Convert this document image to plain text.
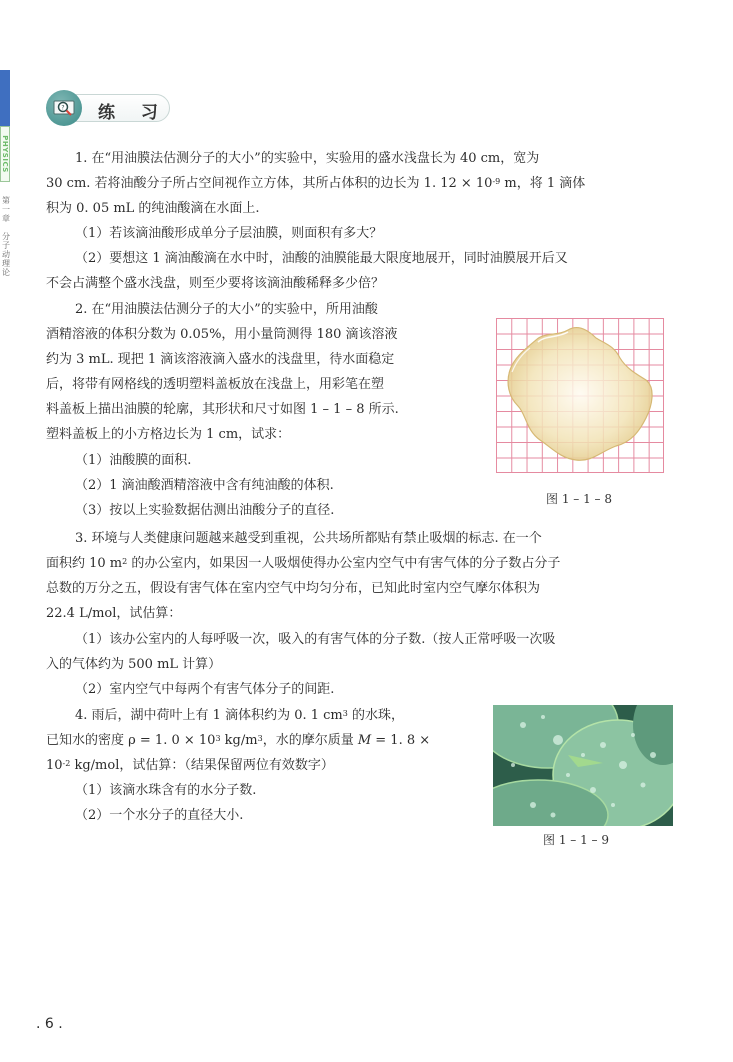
PHYSICS
第
一
章
分
子
动
理
论
? 练 习
1. 在“用油膜法估测分子的大小”的实验中，实验用的盛水浅盘长为 40 cm，宽为
30 cm. 若将油酸分子所占空间视作立方体，其所占体积的边长为 1. $12 \times 10^{-9}$ m，将 1 滴体
积为 0. 05 mL 的纯油酸滴在水面上.
（1）若该滴油酸形成单分子层油膜，则面积有多大？
（2）要想这 1 滴油酸滴在水中时，油酸的油膜能最大限度地展开，同时油膜展开后又
不会占满整个盛水浅盘，则至少要将该滴油酸稀释多少倍？
2. 在“用油膜法估测分子的大小”的实验中，所用油酸
酒精溶液的体积分数为 0.05%，用小量筒测得 180 滴该溶液
约为 3 mL. 现把 1 滴该溶液滴入盛水的浅盘里，待水面稳定
后，将带有网格线的透明塑料盖板放在浅盘上，用彩笔在塑
料盖板上描出油膜的轮廓，其形状和尺寸如图 1 – 1 – 8 所示.
塑料盖板上的小方格边长为 1 cm，试求：
（1）油酸膜的面积.
（2）1 滴油酸酒精溶液中含有纯油酸的体积.
（3）按以上实验数据估测出油酸分子的直径.
图 1 – 1 – 8
3. 环境与人类健康问题越来越受到重视，公共场所都贴有禁止吸烟的标志. 在一个
面积约 10 $m^2$ 的办公室内，如果因一人吸烟使得办公室内空气中有害气体的分子数占分子
总数的万分之五，假设有害气体在室内空气中均匀分布，已知此时室内空气摩尔体积为
22.4 L/mol，试估算：
（1）该办公室内的人每呼吸一次，吸入的有害气体的分子数.（按人正常呼吸一次吸
入的气体约为 500 mL 计算）
（2）室内空气中每两个有害气体分子的间距.
4. 雨后，湖中荷叶上有 1 滴体积约为 0. 1 $cm^3$ 的水珠，
已知水的密度 ρ = 1. $0 \times 10^3$ $kg/m^3$，水的摩尔质量 M = 1. 8 ×
$10^{-2}$ kg/mol，试估算：（结果保留两位有效数字）
（1）该滴水珠含有的水分子数.
（2）一个水分子的直径大小.
图 1 – 1 – 9
. 6 .
